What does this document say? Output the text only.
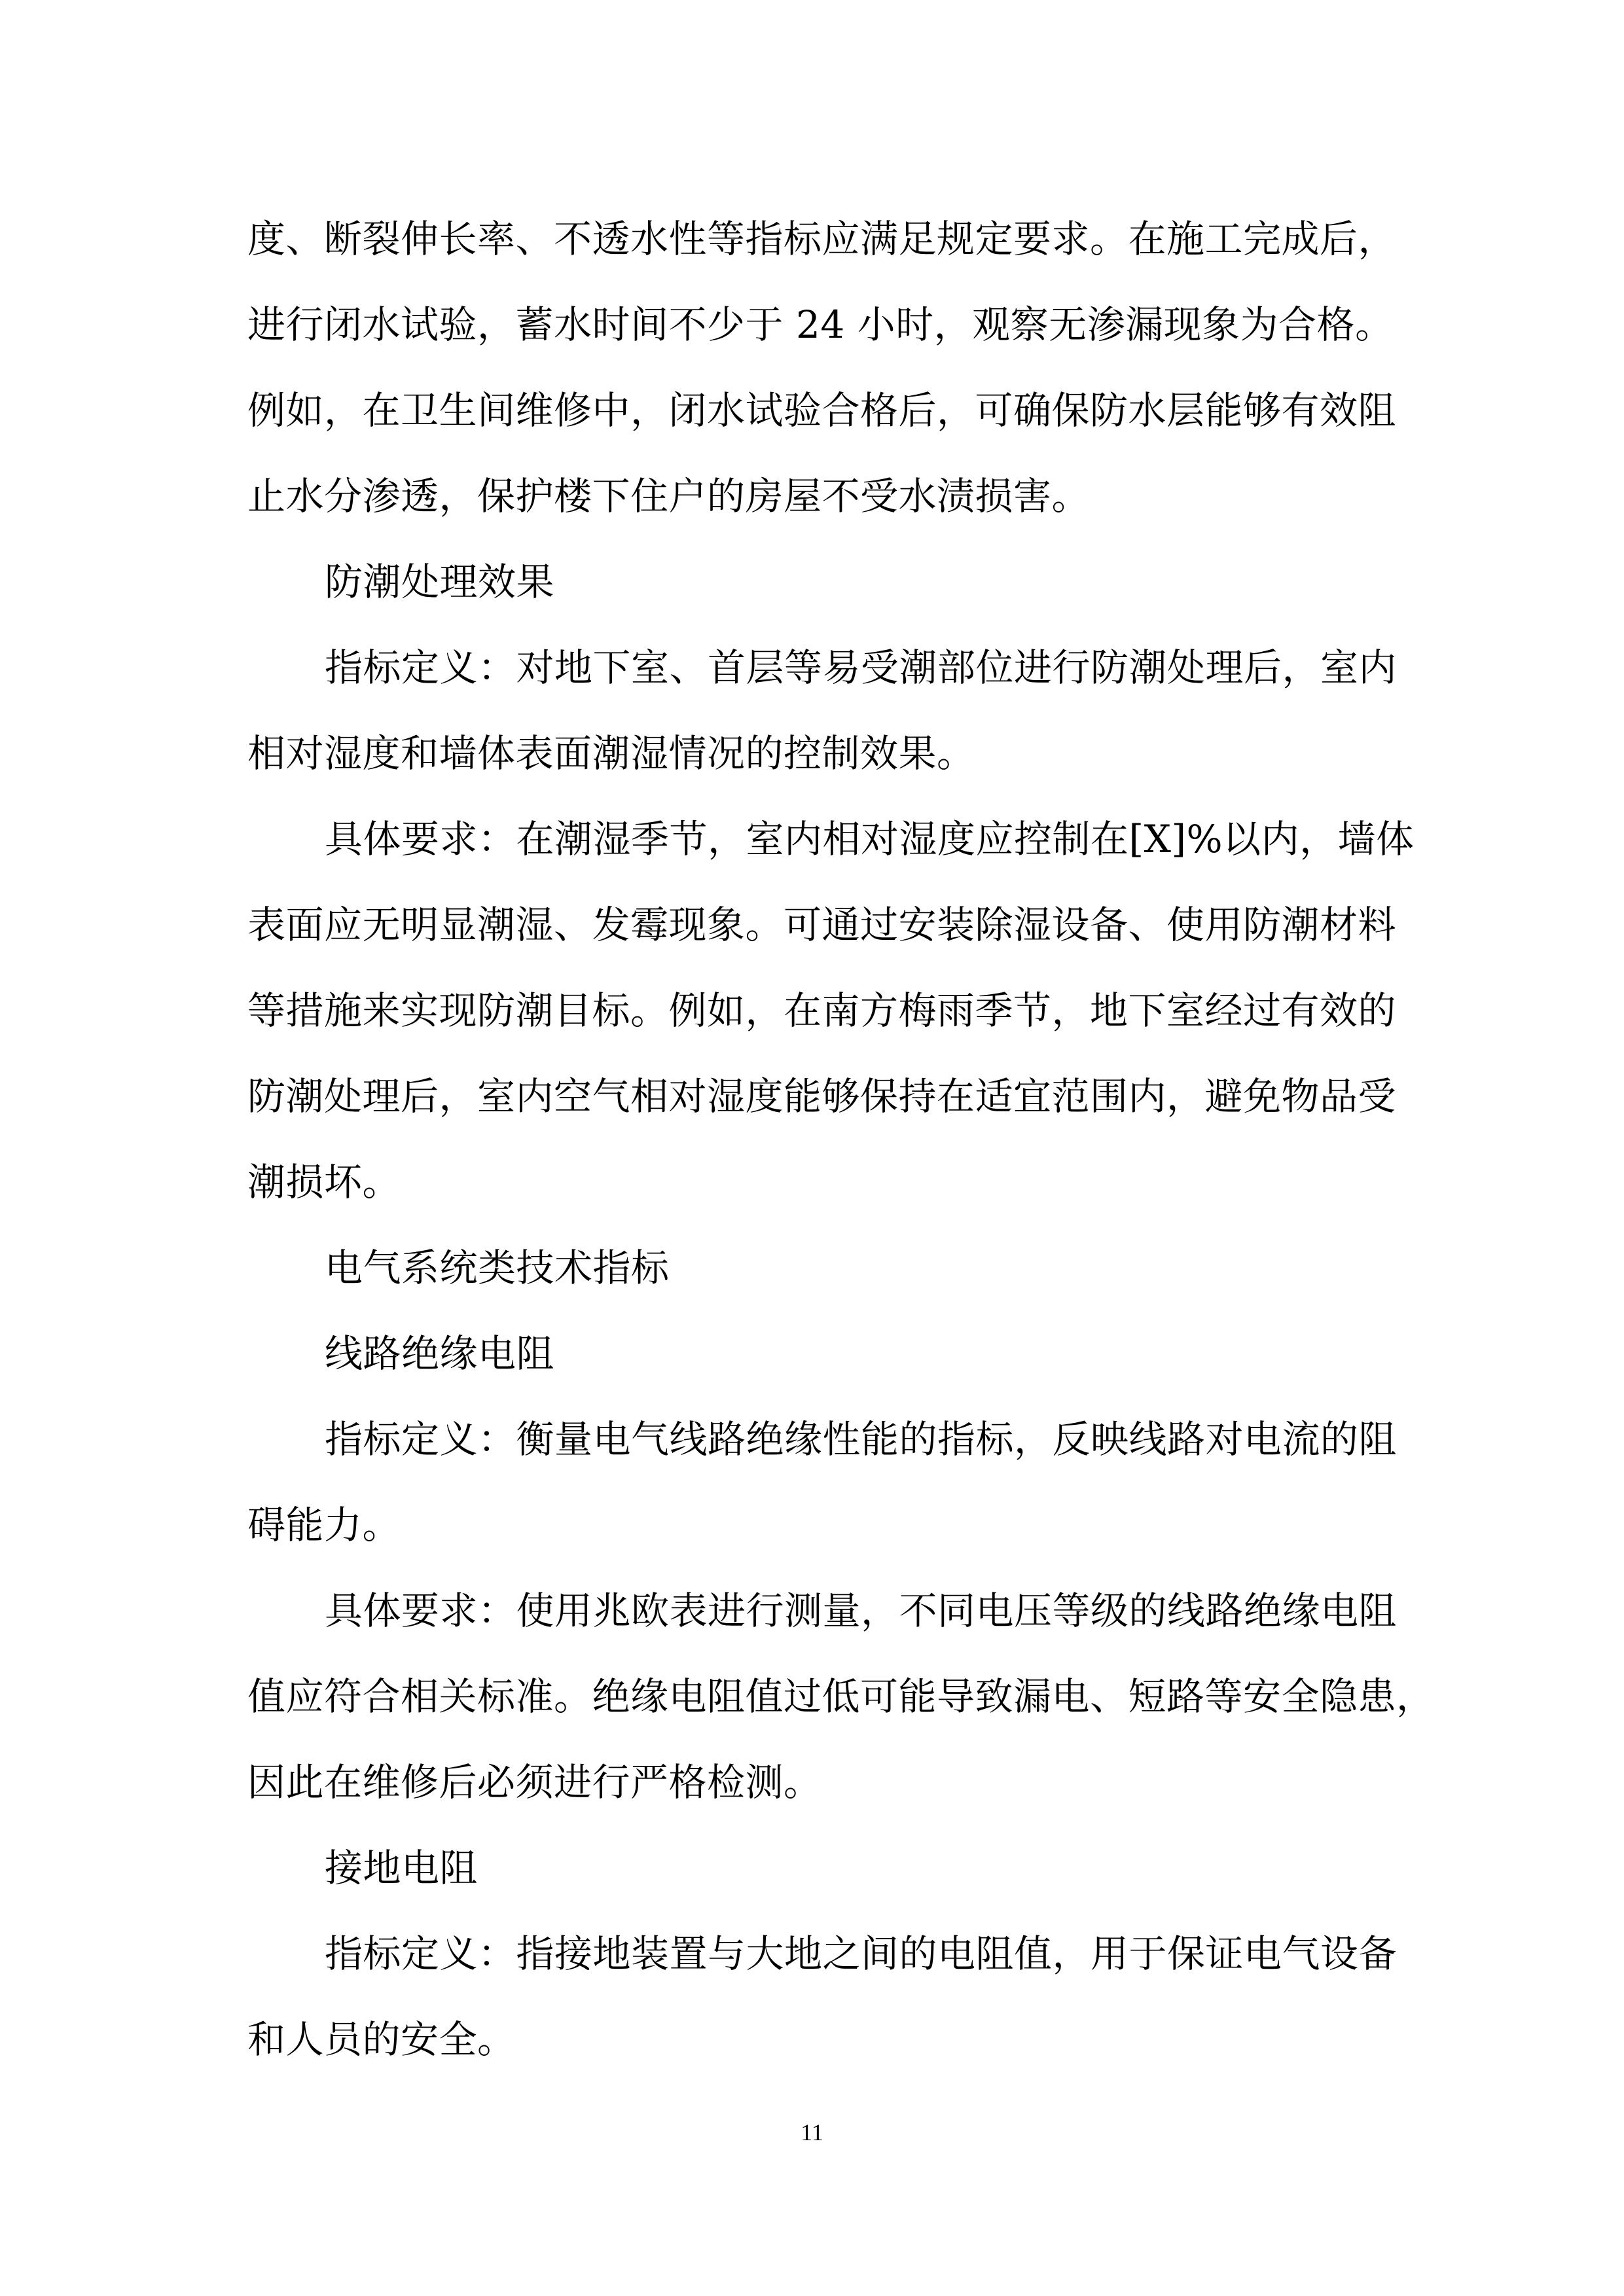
度、断裂伸长率、不透水性等指标应满足规定要求。在施工完成后，
进行闭水试验，蓄水时间不少于 24 小时，观察无渗漏现象为合格。
例如，在卫生间维修中，闭水试验合格后，可确保防水层能够有效阻
止水分渗透，保护楼下住户的房屋不受水渍损害。
防潮处理效果
指标定义：对地下室、首层等易受潮部位进行防潮处理后，室内
相对湿度和墙体表面潮湿情况的控制效果。
具体要求：在潮湿季节，室内相对湿度应控制在[X]%以内，墙体
表面应无明显潮湿、发霉现象。可通过安装除湿设备、使用防潮材料
等措施来实现防潮目标。例如，在南方梅雨季节，地下室经过有效的
防潮处理后，室内空气相对湿度能够保持在适宜范围内，避免物品受
潮损坏。
电气系统类技术指标
线路绝缘电阻
指标定义：衡量电气线路绝缘性能的指标，反映线路对电流的阻
碍能力。
具体要求：使用兆欧表进行测量，不同电压等级的线路绝缘电阻
值应符合相关标准。绝缘电阻值过低可能导致漏电、短路等安全隐患，
因此在维修后必须进行严格检测。
接地电阻
指标定义：指接地装置与大地之间的电阻值，用于保证电气设备
和人员的安全。
11
